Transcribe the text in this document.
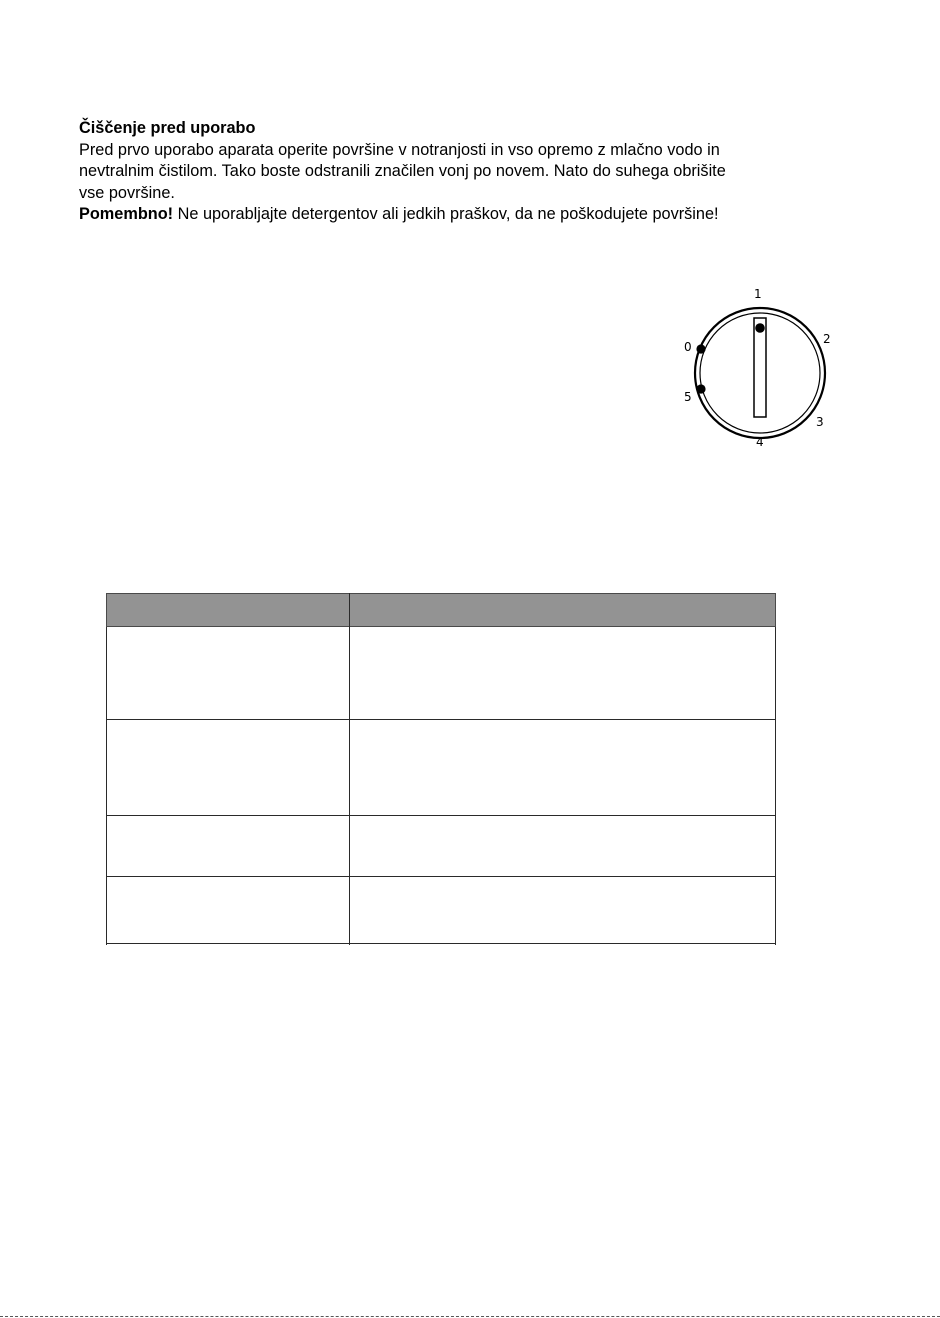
Čiščenje pred uporabo
Pred prvo uporabo aparata operite površine v notranjosti in vso opremo z mlačno vodo in
nevtralnim čistilom. Tako boste odstranili značilen vonj po novem. Nato do suhega obrišite
vse površine.
Pomembno! Ne uporabljajte detergentov ali jedkih praškov, da ne poškodujete površine!
1
2
0
5
3
4
